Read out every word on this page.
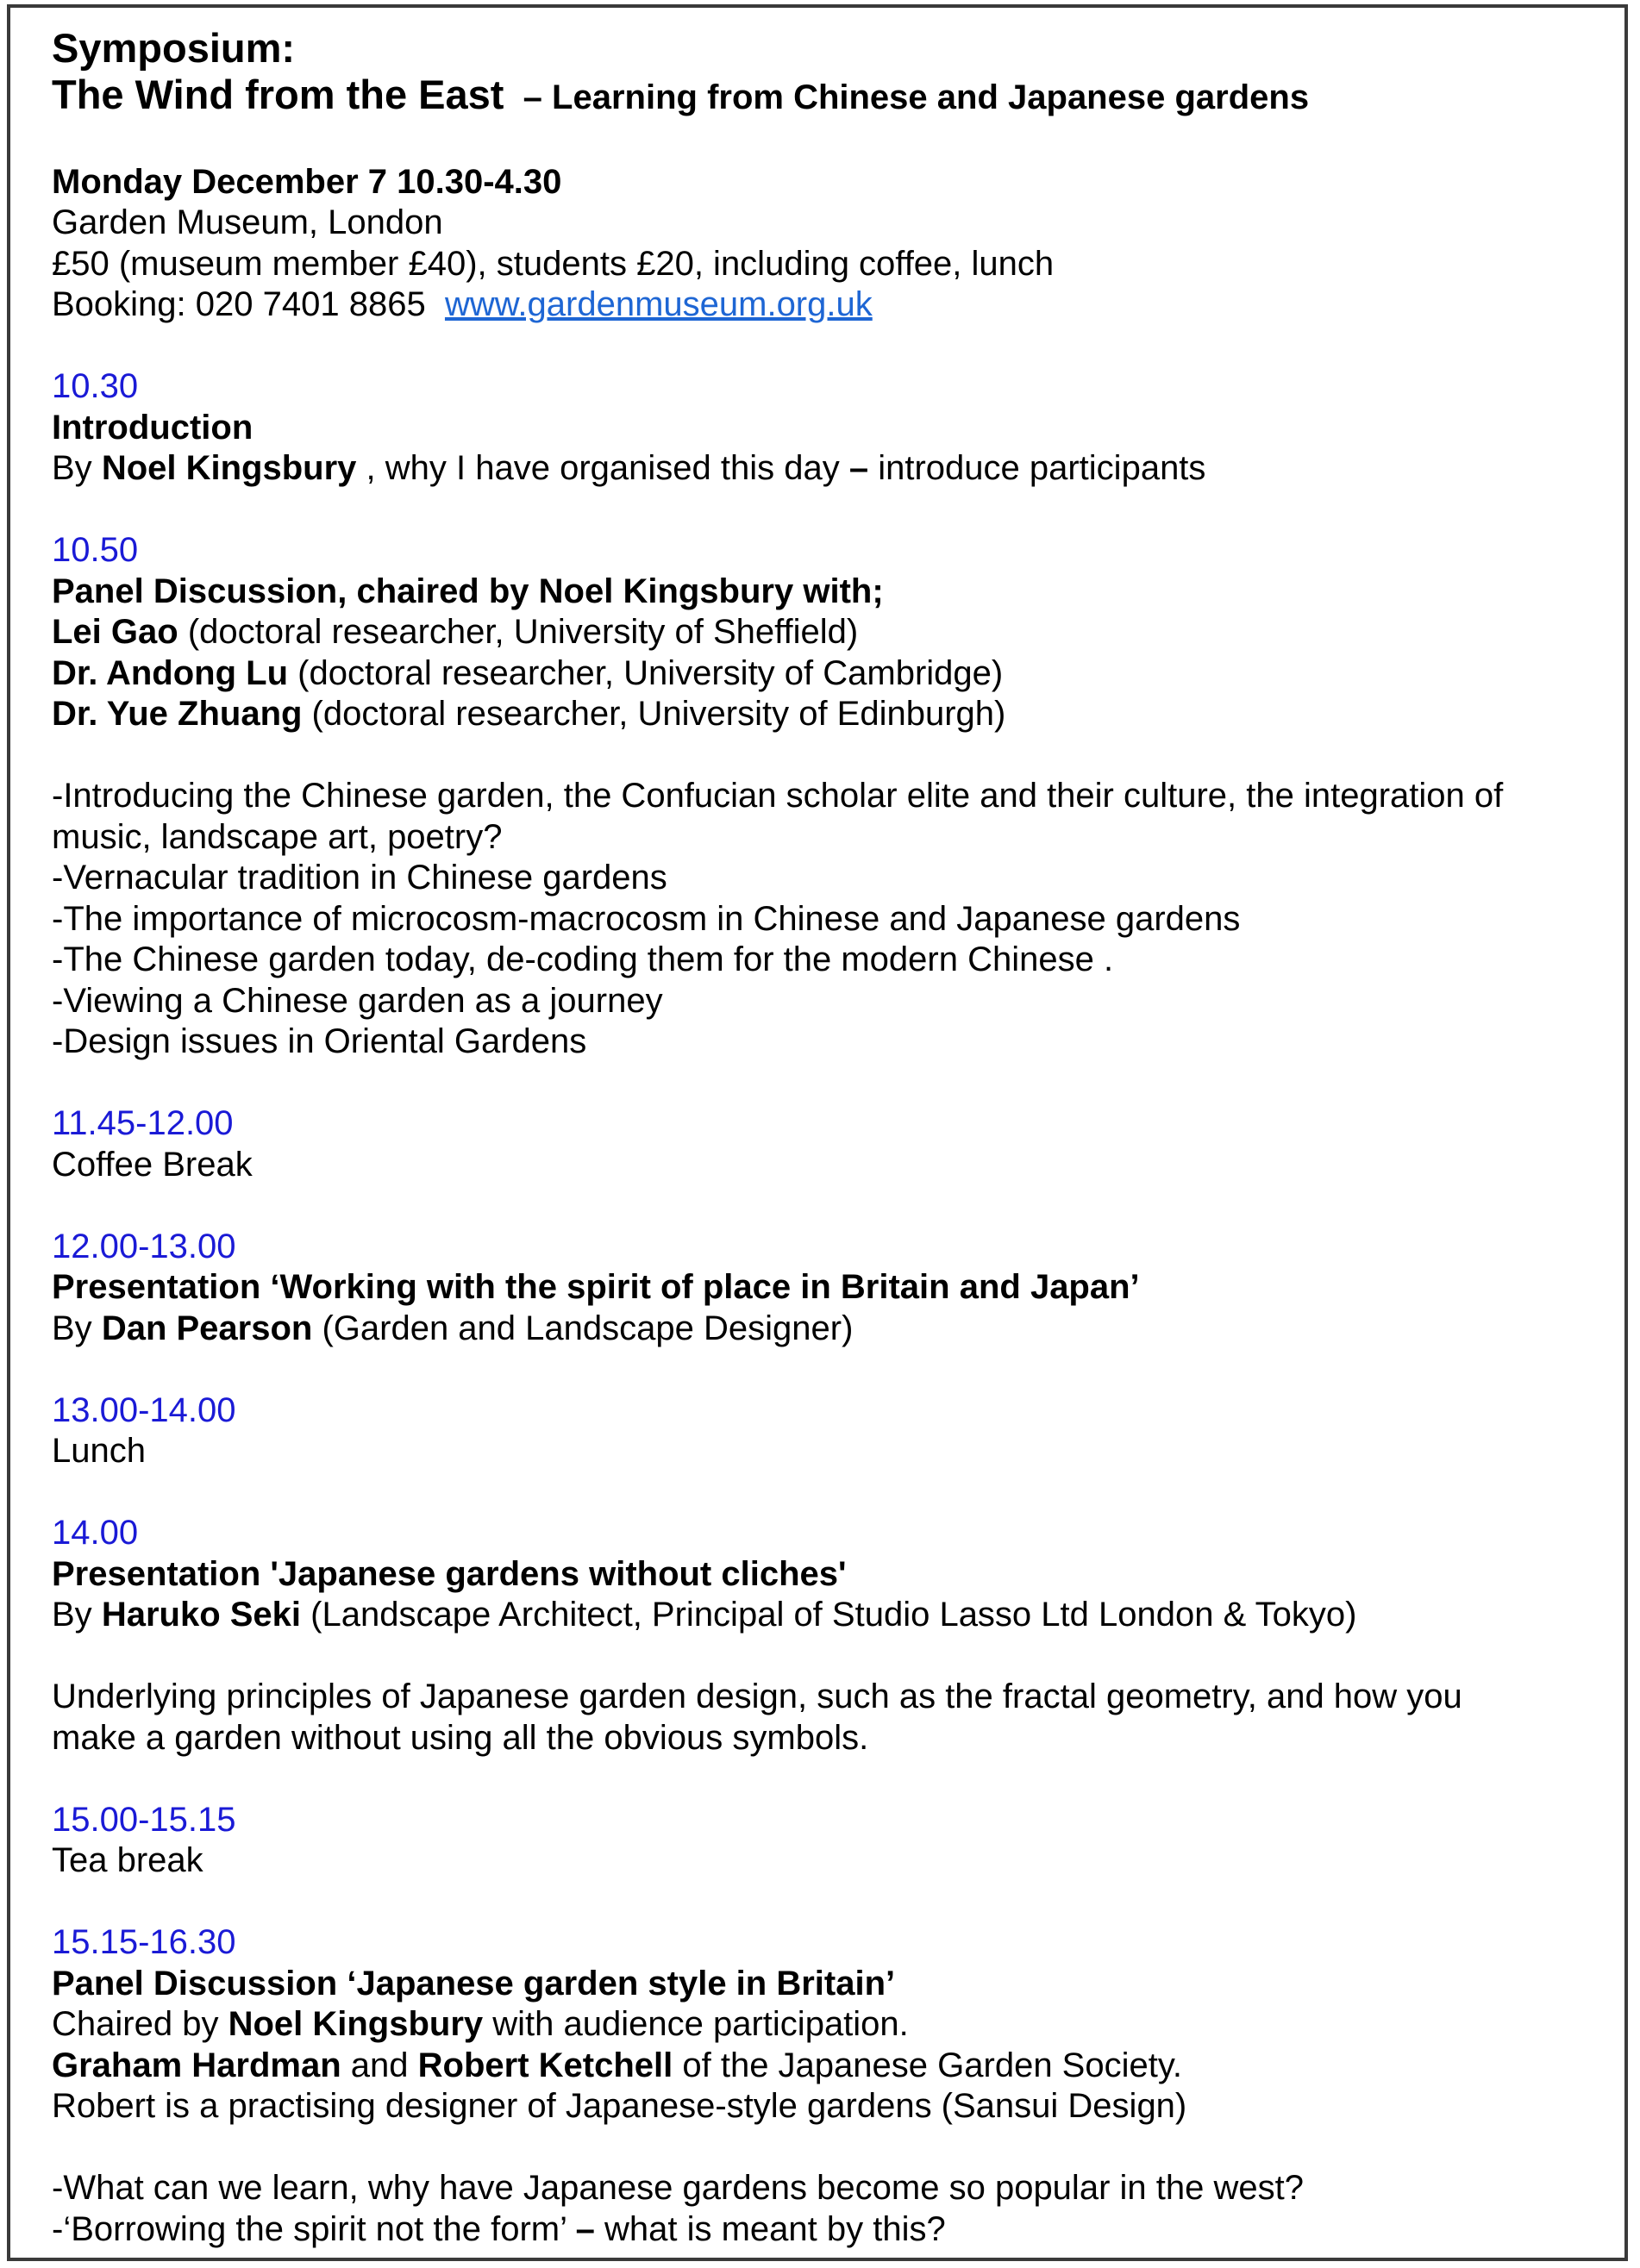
Symposium:
The Wind from the East – Learning from Chinese and Japanese gardens
Monday December 7 10.30-4.30
Garden Museum, London
£50 (museum member £40), students £20, including coffee, lunch
Booking: 020 7401 8865 www.gardenmuseum.org.uk
10.30
Introduction
By Noel Kingsbury , why I have organised this day – introduce participants
10.50
Panel Discussion, chaired by Noel Kingsbury with;
Lei Gao (doctoral researcher, University of Sheffield)
Dr. Andong Lu (doctoral researcher, University of Cambridge)
Dr. Yue Zhuang (doctoral researcher, University of Edinburgh)
-Introducing the Chinese garden, the Confucian scholar elite and their culture, the integration of
music, landscape art, poetry?
-Vernacular tradition in Chinese gardens
-The importance of microcosm-macrocosm in Chinese and Japanese gardens
-The Chinese garden today, de-coding them for the modern Chinese .
-Viewing a Chinese garden as a journey
-Design issues in Oriental Gardens
11.45-12.00
Coffee Break
12.00-13.00
Presentation ‘Working with the spirit of place in Britain and Japan’
By Dan Pearson (Garden and Landscape Designer)
13.00-14.00
Lunch
14.00
Presentation 'Japanese gardens without cliches'
By Haruko Seki (Landscape Architect, Principal of Studio Lasso Ltd London & Tokyo)
Underlying principles of Japanese garden design, such as the fractal geometry, and how you
make a garden without using all the obvious symbols.
15.00-15.15
Tea break
15.15-16.30
Panel Discussion ‘Japanese garden style in Britain’
Chaired by Noel Kingsbury with audience participation.
Graham Hardman and Robert Ketchell of the Japanese Garden Society.
Robert is a practising designer of Japanese-style gardens (Sansui Design)
-What can we learn, why have Japanese gardens become so popular in the west?
-‘Borrowing the spirit not the form’ – what is meant by this?
